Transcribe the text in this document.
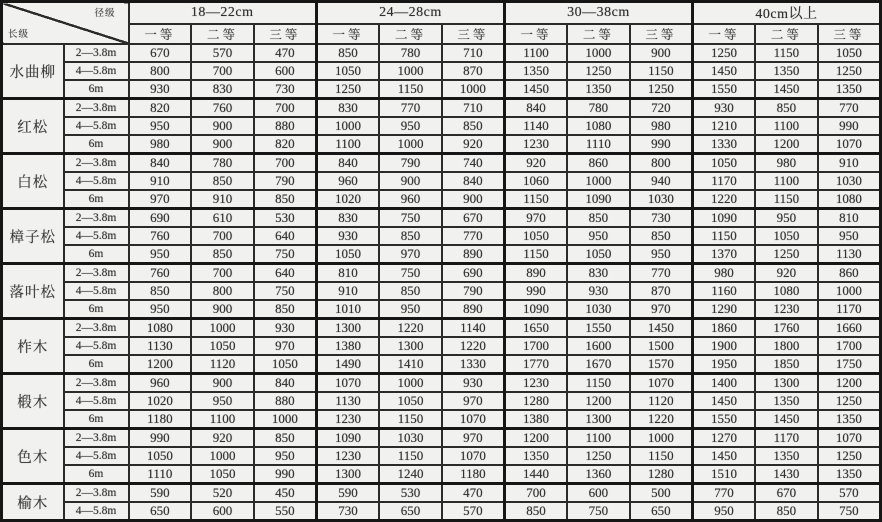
径级
长级		18—22cm			24—28cm			30—38cm			40cm以上		
		一等	二等	三等	一等	二等	三等	一等	二等	三等	一等	二等	三等
水曲柳	2—3.8m	670	570	470	850	780	710	1100	1000	900	1250	1150	1050
	4—5.8m	800	700	600	1050	1000	870	1350	1250	1150	1450	1350	1250
	6m	930	830	730	1250	1150	1000	1450	1350	1250	1550	1450	1350
红松	2—3.8m	820	760	700	830	770	710	840	780	720	930	850	770
	4—5.8m	950	900	880	1000	950	850	1140	1080	980	1210	1100	990
	6m	980	900	820	1100	1000	920	1230	1110	990	1330	1200	1070
白松	2—3.8m	840	780	700	840	790	740	920	860	800	1050	980	910
	4—5.8m	910	850	790	960	900	840	1060	1000	940	1170	1100	1030
	6m	970	910	850	1020	960	900	1150	1090	1030	1220	1150	1080
樟子松	2—3.8m	690	610	530	830	750	670	970	850	730	1090	950	810
	4—5.8m	760	700	640	930	850	770	1050	950	850	1150	1050	950
	6m	950	850	750	1050	970	890	1150	1050	950	1370	1250	1130
落叶松	2—3.8m	760	700	640	810	750	690	890	830	770	980	920	860
	4—5.8m	850	800	750	910	850	790	990	930	870	1160	1080	1000
	6m	950	900	850	1010	950	890	1090	1030	970	1290	1230	1170
柞木	2—3.8m	1080	1000	930	1300	1220	1140	1650	1550	1450	1860	1760	1660
	4—5.8m	1130	1050	970	1380	1300	1220	1700	1600	1500	1900	1800	1700
	6m	1200	1120	1050	1490	1410	1330	1770	1670	1570	1950	1850	1750
椴木	2—3.8m	960	900	840	1070	1000	930	1230	1150	1070	1400	1300	1200
	4—5.8m	1020	950	880	1130	1050	970	1280	1200	1120	1450	1350	1250
	6m	1180	1100	1000	1230	1150	1070	1380	1300	1220	1550	1450	1350
色木	2—3.8m	990	920	850	1090	1030	970	1200	1100	1000	1270	1170	1070
	4—5.8m	1050	1000	950	1230	1150	1070	1350	1250	1150	1450	1350	1250
	6m	1110	1050	990	1300	1240	1180	1440	1360	1280	1510	1430	1350
榆木	2—3.8m	590	520	450	590	530	470	700	600	500	770	670	570
	4—5.8m	650	600	550	730	650	570	850	750	650	950	850	750
